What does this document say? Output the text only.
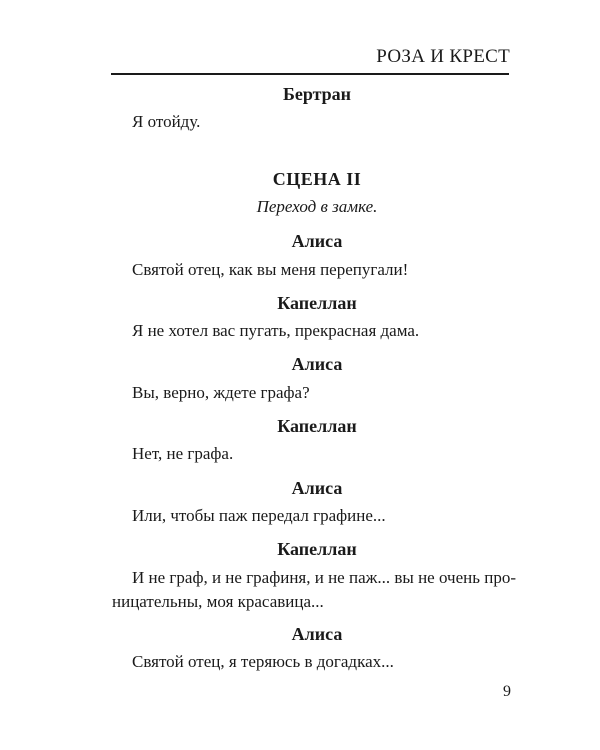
РОЗА И КРЕСТ
Бертран
Я отойду.
СЦЕНА II
Переход в замке.
Алиса
Святой отец, как вы меня перепугали!
Капеллан
Я не хотел вас пугать, прекрасная дама.
Алиса
Вы, верно, ждете графа?
Капеллан
Нет, не графа.
Алиса
Или, чтобы паж передал графине...
Капеллан
И не граф, и не графиня, и не паж... вы не очень про-
ницательны, моя красавица...
Алиса
Святой отец, я теряюсь в догадках...
9
